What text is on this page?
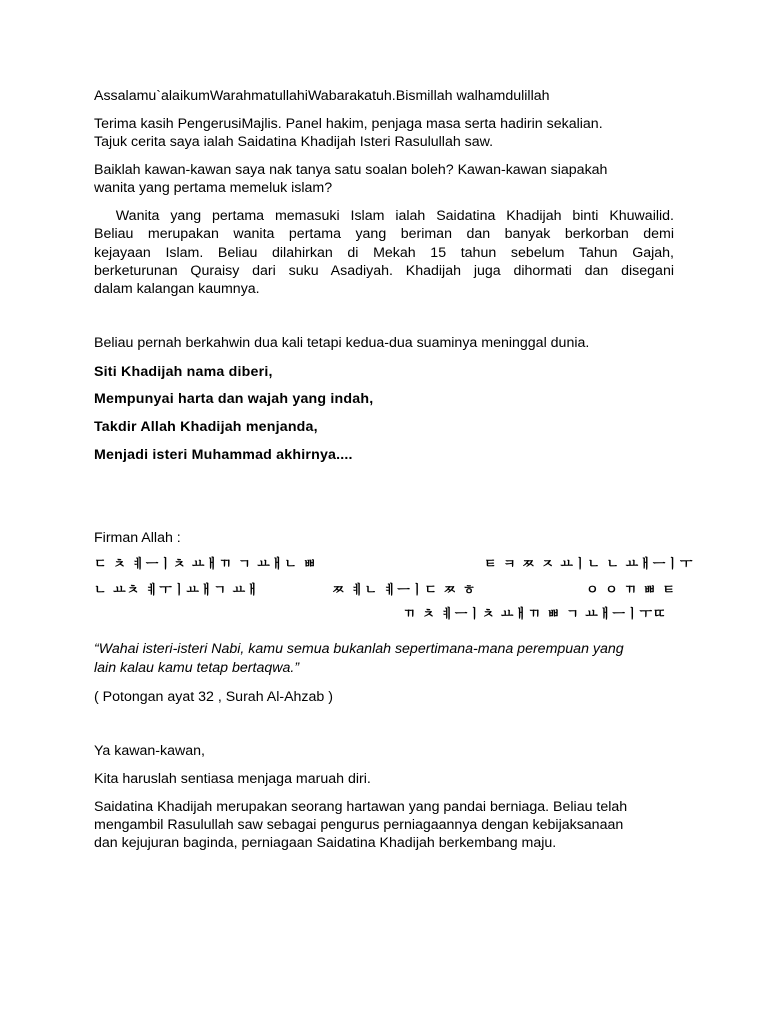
Assalamu`alaikumWarahmatullahiWabarakatuh.Bismillah walhamdulillah

Terima kasih PengerusiMajlis. Panel hakim, penjaga masa serta hadirin sekalian.

Tajuk cerita saya ialah Saidatina Khadijah Isteri Rasulullah saw.

Baiklah kawan-kawan saya nak tanya satu soalan boleh? Kawan-kawan siapakah

wanita yang pertama memeluk islam?

Wanita yang pertama memasuki Islam ialah Saidatina Khadijah binti Khuwailid.
Beliau merupakan wanita pertama yang beriman dan banyak berkorban demi
kejayaan Islam. Beliau dilahirkan di Mekah 15 tahun sebelum Tahun Gajah,
berketurunan Quraisy dari suku Asadiyah. Khadijah juga dihormati dan disegani
dalam kalangan kaumnya.

Beliau pernah berkahwin dua kali tetapi kedua-dua suaminya meninggal dunia.

Siti Khadijah nama diberi,

Mempunyai harta dan wajah yang indah,

Takdir Allah Khadijah menjanda,

Menjadi isteri Muhammad akhirnya....

Firman Allah :

ㄷ ㅊ ㅖㅡㅣㅊ ㅛㅐㄲ ㄱ ㅛㅐㄴ ㅃ	ㅌ ㅋ ㅉ ㅈ ㅛㅣㄴ ㄴ ㅛㅐㅡㅣㅜ
ㄴ ㅛㅊ ㅖㅜㅣㅛㅐㄱ ㅛㅐ	ㅉ ㅖㄴ ㅖㅡㅣㄷ ㅉ ㅎ	ㅇ ㅇ ㄲ ㅃ ㅌ
ㄲ ㅊ ㅖㅡㅣㅊ ㅛㅐㄲ ㅃ ㄱ ㅛㅐㅡㅣㅜㄸ

“Wahai isteri-isteri Nabi, kamu semua bukanlah sepertimana-mana perempuan yang

lain kalau kamu tetap bertaqwa.”

( Potongan ayat 32 , Surah Al-Ahzab )

Ya kawan-kawan,

Kita haruslah sentiasa menjaga maruah diri.

Saidatina Khadijah merupakan seorang hartawan yang pandai berniaga. Beliau telah

mengambil Rasulullah saw sebagai pengurus perniagaannya dengan kebijaksanaan

dan kejujuran baginda, perniagaan Saidatina Khadijah berkembang maju.
